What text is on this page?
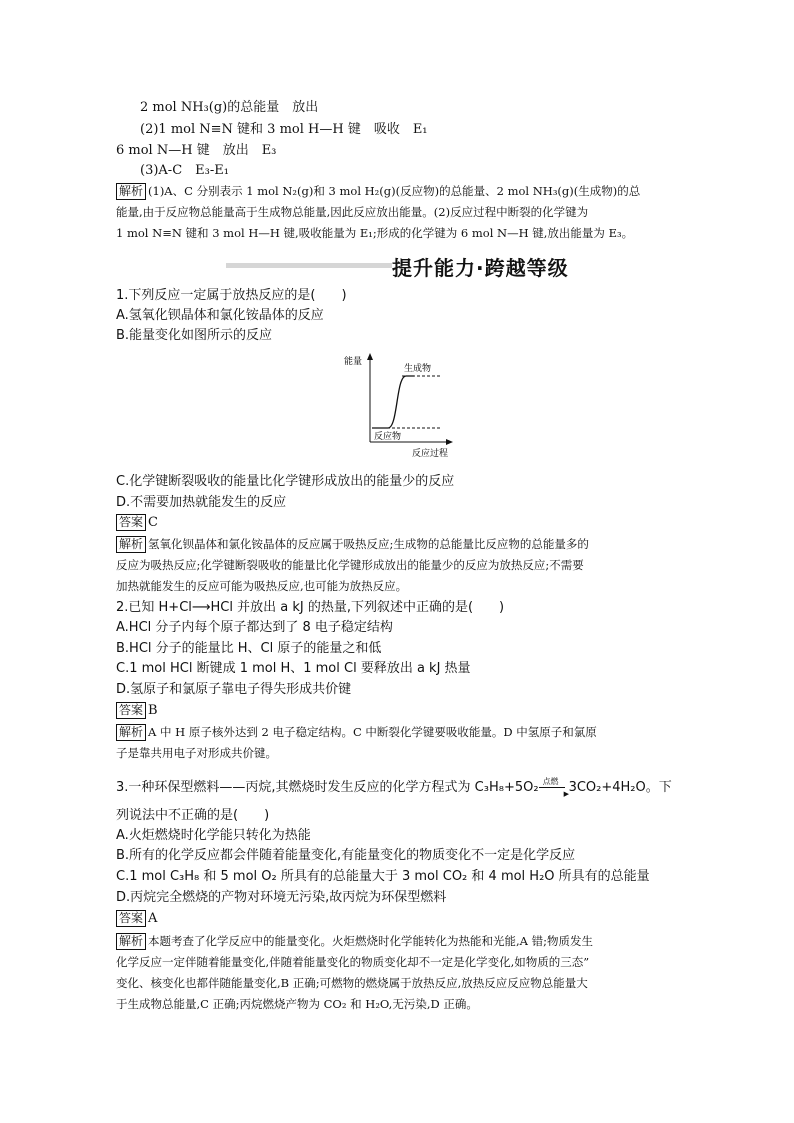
2 mol NH₃(g)的总能量　放出
(2)1 mol N≡N 键和 3 mol H—H 键　吸收　E₁
6 mol N—H 键　放出　E₃
(3)A-C　E₃-E₁
解析 (1)A、C 分别表示 1 mol N₂(g)和 3 mol H₂(g)(反应物)的总能量、2 mol NH₃(g)(生成物)的总
能量,由于反应物总能量高于生成物总能量,因此反应放出能量。(2)反应过程中断裂的化学键为
1 mol N≡N 键和 3 mol H—H 键,吸收能量为 E₁;形成的化学键为 6 mol N—H 键,放出能量为 E₃。
提升能力·跨越等级
1.下列反应一定属于放热反应的是(　　)
A.氢氧化钡晶体和氯化铵晶体的反应
B.能量变化如图所示的反应
能量
反应过程
生成物
反应物
C.化学键断裂吸收的能量比化学键形成放出的能量少的反应
D.不需要加热就能发生的反应
答案 C
解析 氢氧化钡晶体和氯化铵晶体的反应属于吸热反应;生成物的总能量比反应物的总能量多的
反应为吸热反应;化学键断裂吸收的能量比化学键形成放出的能量少的反应为放热反应;不需要
加热就能发生的反应可能为吸热反应,也可能为放热反应。
2.已知 H+Cl⟶HCl 并放出 a kJ 的热量,下列叙述中正确的是(　　)
A.HCl 分子内每个原子都达到了 8 电子稳定结构
B.HCl 分子的能量比 H、Cl 原子的能量之和低
C.1 mol HCl 断键成 1 mol H、1 mol Cl 要释放出 a kJ 热量
D.氢原子和氯原子靠电子得失形成共价键
答案 B
解析 A 中 H 原子核外达到 2 电子稳定结构。C 中断裂化学键要吸收能量。D 中氢原子和氯原
子是靠共用电子对形成共价键。
3.一种环保型燃料——丙烷,其燃烧时发生反应的化学方程式为 C₃H₈+5O₂ 点燃
▶ 3CO₂+4H₂O。下
列说法中不正确的是(　　)
A.火炬燃烧时化学能只转化为热能
B.所有的化学反应都会伴随着能量变化,有能量变化的物质变化不一定是化学反应
C.1 mol C₃H₈ 和 5 mol O₂ 所具有的总能量大于 3 mol CO₂ 和 4 mol H₂O 所具有的总能量
D.丙烷完全燃烧的产物对环境无污染,故丙烷为环保型燃料
答案 A
解析 本题考查了化学反应中的能量变化。火炬燃烧时化学能转化为热能和光能,A 错;物质发生
化学反应一定伴随着能量变化,伴随着能量变化的物质变化却不一定是化学变化,如物质的三态”
变化、核变化也都伴随能量变化,B 正确;可燃物的燃烧属于放热反应,放热反应反应物总能量大
于生成物总能量,C 正确;丙烷燃烧产物为 CO₂ 和 H₂O,无污染,D 正确。
